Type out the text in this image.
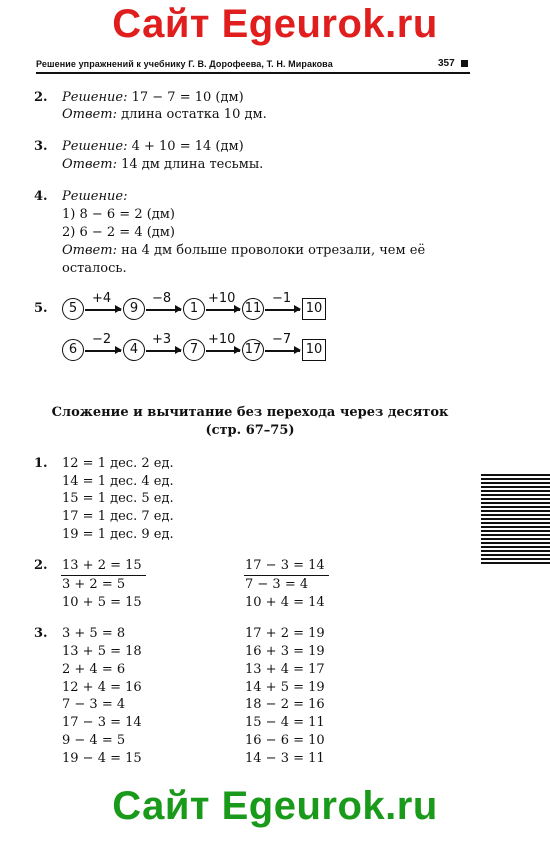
Сайт Egeurok.ru
Решение упражнений к учебнику Г. В. Дорофеева, Т. Н. Миракова	357
2. Решение: 17 − 7 = 10 (дм)
Ответ: длина остатка 10 дм.
3. Решение: 4 + 10 = 14 (дм)
Ответ: 14 дм длина тесьмы.
4. Решение:
1) 8 − 6 = 2 (дм)
2) 6 − 2 = 4 (дм)
Ответ: на 4 дм больше проволоки отрезали, чем её
осталось.
5.	5
+4
9
−8
1
+10
11
−1
10
6
−2
4
+3
7
+10
17
−7
10
Сложение и вычитание без перехода через десяток
(стр. 67–75)
1. 12 = 1 дес. 2 ед.
14 = 1 дес. 4 ед.
15 = 1 дес. 5 ед.
17 = 1 дес. 7 ед.
19 = 1 дес. 9 ед.
2. 13 + 2 = 15
3 + 2 = 5
10 + 5 = 15
17 − 3 = 14
7 − 3 = 4
10 + 4 = 14
3. 3 + 5 = 8
13 + 5 = 18
2 + 4 = 6
12 + 4 = 16
7 − 3 = 4
17 − 3 = 14
9 − 4 = 5
19 − 4 = 15
17 + 2 = 19
16 + 3 = 19
13 + 4 = 17
14 + 5 = 19
18 − 2 = 16
15 − 4 = 11
16 − 6 = 10
14 − 3 = 11
Сайт Egeurok.ru
